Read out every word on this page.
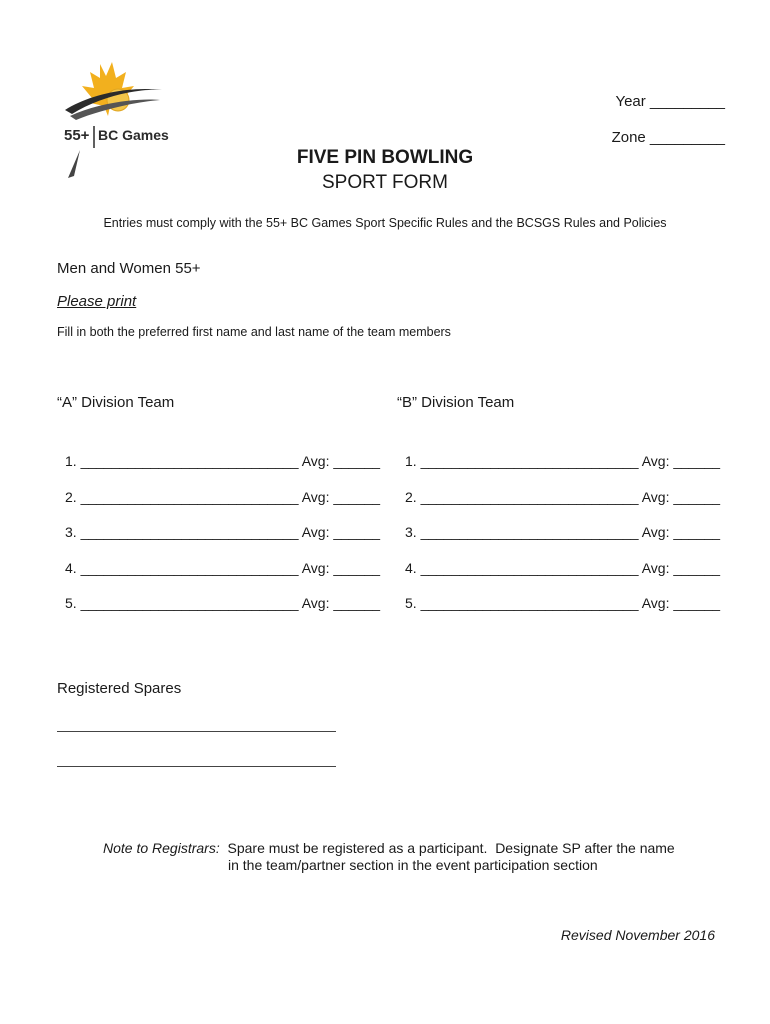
55+ BC Games
Year _________
Zone _________
FIVE PIN BOWLING
SPORT FORM
Entries must comply with the 55+ BC Games Sport Specific Rules and the BCSGS Rules and Policies
Men and Women 55+
Please print
Fill in both the preferred first name and last name of the team members
“A” Division Team
1. ____________________________ Avg: ______
2. ____________________________ Avg: ______
3. ____________________________ Avg: ______
4. ____________________________ Avg: ______
5. ____________________________ Avg: ______
“B” Division Team
1. ____________________________ Avg: ______
2. ____________________________ Avg: ______
3. ____________________________ Avg: ______
4. ____________________________ Avg: ______
5. ____________________________ Avg: ______
Registered Spares
Note to Registrars:  Spare must be registered as a participant.  Designate SP after the name
in the team/partner section in the event participation section
Revised November 2016
